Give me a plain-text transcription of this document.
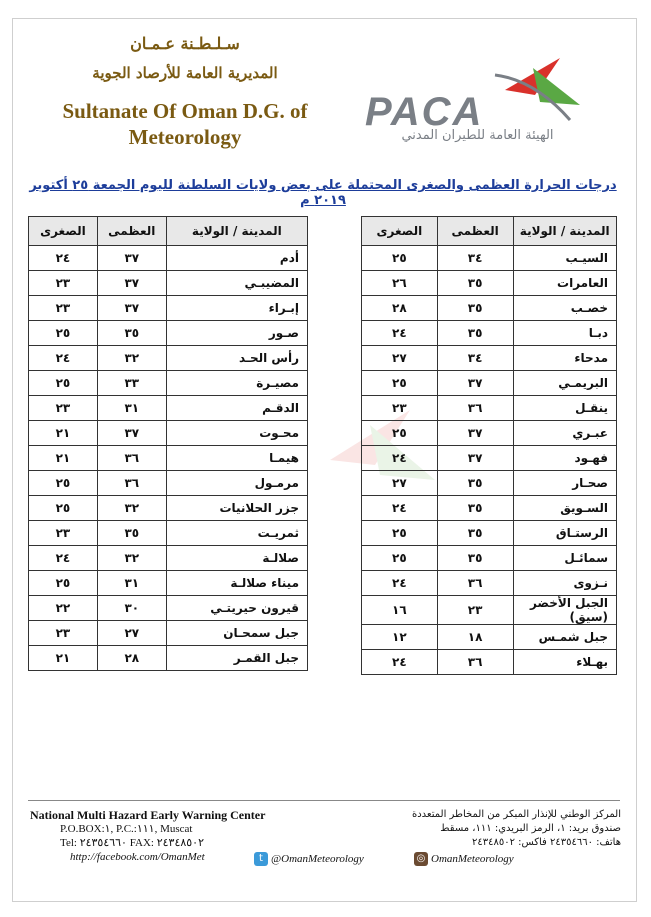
سـلـطـنة عـمـان
المديرية العامة للأرصاد الجوية
Sultanate Of Oman D.G. of
Meteorology
PACA
الهيئة العامة للطيران المدني
درجات الحرارة العظمى والصغرى المحتملة على بعض ولايات السلطنة لليوم الجمعة ٢٥ أكتوبر ٢٠١٩ م
المدينة / الولاية	العظمى	الصغرى
السيـب	٣٤	٢٥
العامرات	٣٥	٢٦
خصـب	٣٥	٢٨
دبـا	٣٥	٢٤
مدحاء	٣٤	٢٧
البريمـي	٣٧	٢٥
ينقـل	٣٦	٢٣
عبـري	٣٧	٢٥
فهـود	٣٧	٢٤
صحـار	٣٥	٢٧
السـويق	٣٥	٢٤
الرستـاق	٣٥	٢٥
سمائـل	٣٥	٢٥
نـزوى	٣٦	٢٤
الجبل الأخضر (سيق)	٢٣	١٦
جبل شمـس	١٨	١٢
بهـلاء	٣٦	٢٤
المدينة / الولاية	العظمى	الصغرى
أدم	٣٧	٢٤
المضيبـي	٣٧	٢٣
إبـراء	٣٧	٢٣
صـور	٣٥	٢٥
رأس الحـد	٣٢	٢٤
مصيـرة	٣٣	٢٥
الدقـم	٣١	٢٣
محـوت	٣٧	٢١
هيمـا	٣٦	٢١
مرمـول	٣٦	٢٥
جزر الحلانيات	٣٢	٢٥
ثمريـت	٣٥	٢٣
صلالـة	٣٢	٢٤
ميناء صلالـة	٣١	٢٥
قيرون حيريتـي	٣٠	٢٢
جبل سمحـان	٢٧	٢٣
جبل القمـر	٢٨	٢١
National Multi Hazard Early Warning Center
P.O.BOX:١, P.C.:١١١, Muscat
Tel: ٢٤٣٥٤٦٦٠ FAX: ٢٤٣٤٨٥٠٢
http://facebook.com/OmanMet
المركز الوطني للإنذار المبكر من المخاطر المتعددة
صندوق بريد: ١، الرمز البريدي: ١١١، مسقط
هاتف: ٢٤٣٥٤٦٦٠ فاكس: ٢٤٣٤٨٥٠٢
t @OmanMeteorology	◎ OmanMeteorology
